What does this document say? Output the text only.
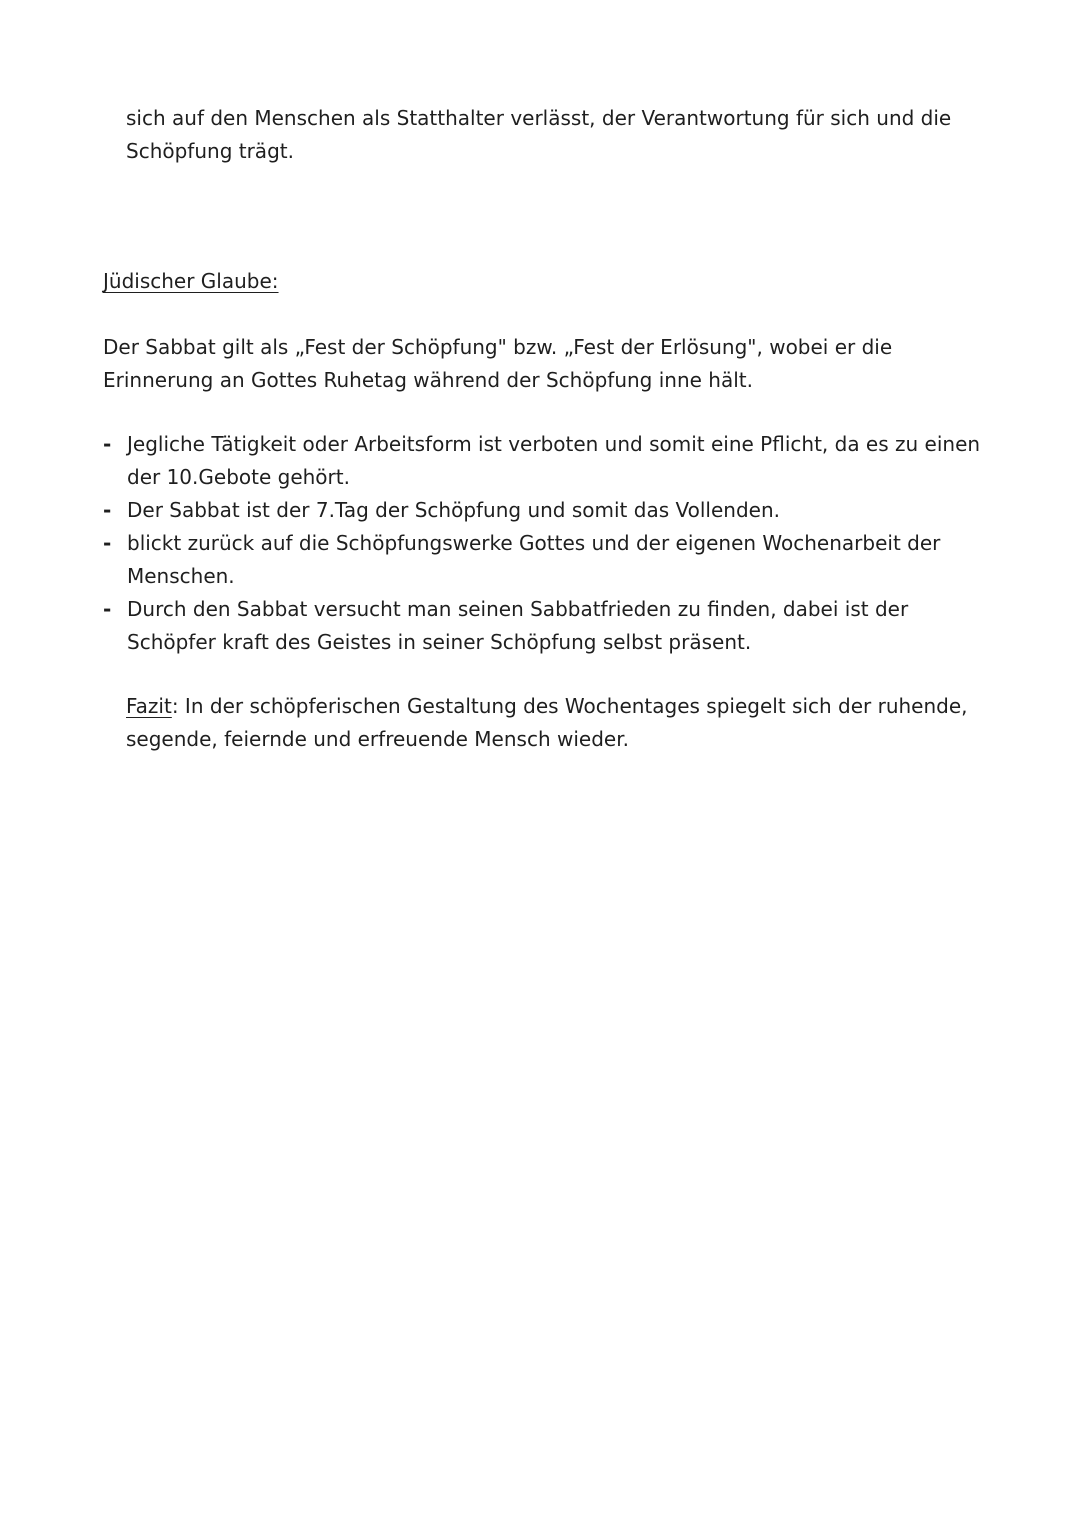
sich auf den Menschen als Statthalter verlässt, der Verantwortung für sich und die
Schöpfung trägt.

Jüdischer Glaube:

Der Sabbat gilt als „Fest der Schöpfung" bzw. „Fest der Erlösung", wobei er die
Erinnerung an Gottes Ruhetag während der Schöpfung inne hält.

- Jegliche Tätigkeit oder Arbeitsform ist verboten und somit eine Pflicht, da es zu einen
der 10.Gebote gehört.
- Der Sabbat ist der 7.Tag der Schöpfung und somit das Vollenden.
- blickt zurück auf die Schöpfungswerke Gottes und der eigenen Wochenarbeit der
Menschen.
- Durch den Sabbat versucht man seinen Sabbatfrieden zu finden, dabei ist der
Schöpfer kraft des Geistes in seiner Schöpfung selbst präsent.

Fazit: In der schöpferischen Gestaltung des Wochentages spiegelt sich der ruhende,
segende, feiernde und erfreuende Mensch wieder.
